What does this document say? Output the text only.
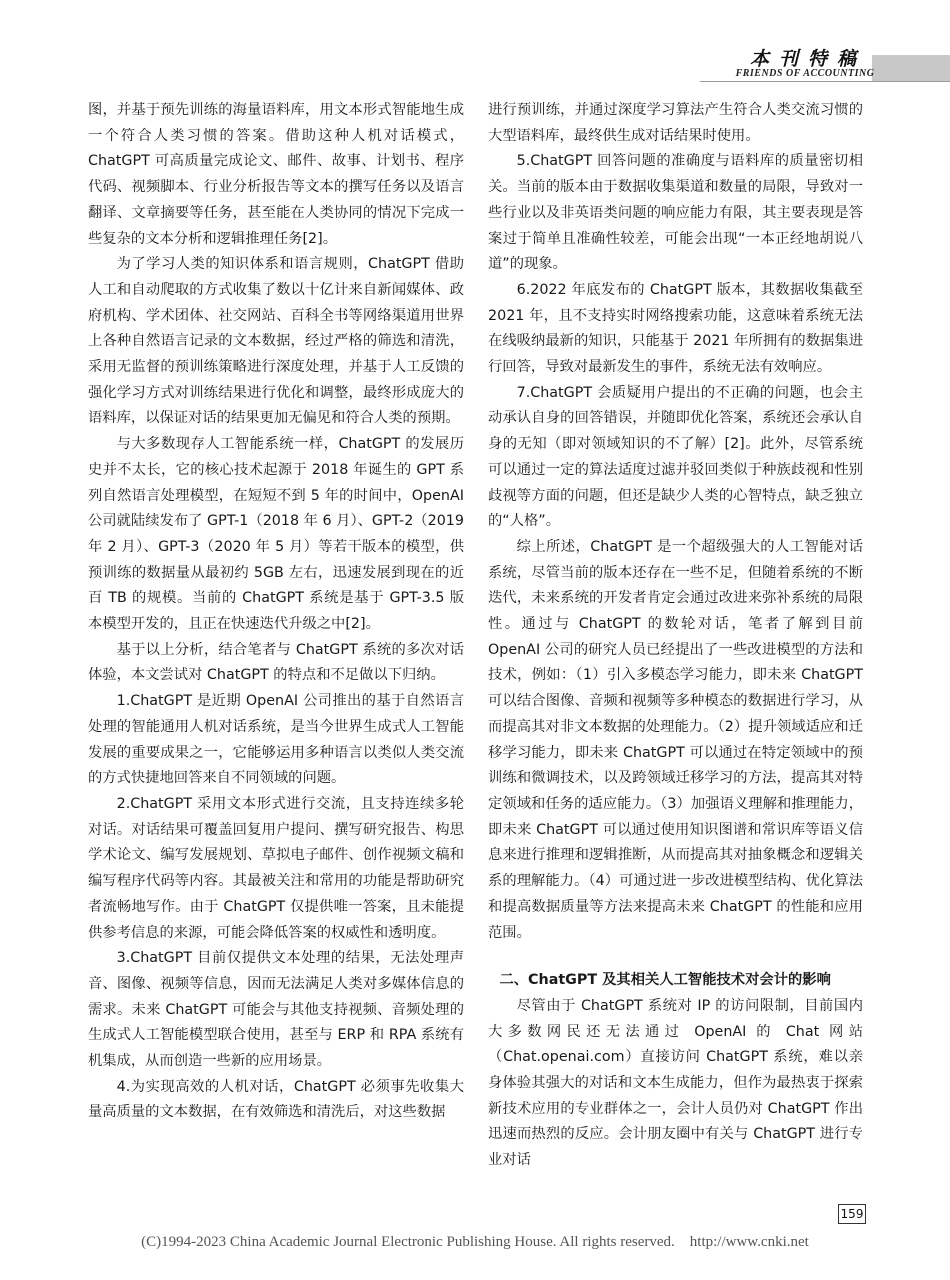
本刊特稿
FRIENDS OF ACCOUNTING

图，并基于预先训练的海量语料库，用文本形式智能地生成一个符合人类习惯的答案。借助这种人机对话模式，ChatGPT 可高质量完成论文、邮件、故事、计划书、程序代码、视频脚本、行业分析报告等文本的撰写任务以及语言翻译、文章摘要等任务，甚至能在人类协同的情况下完成一些复杂的文本分析和逻辑推理任务[2]。

为了学习人类的知识体系和语言规则，ChatGPT 借助人工和自动爬取的方式收集了数以十亿计来自新闻媒体、政府机构、学术团体、社交网站、百科全书等网络渠道用世界上各种自然语言记录的文本数据，经过严格的筛选和清洗，采用无监督的预训练策略进行深度处理，并基于人工反馈的强化学习方式对训练结果进行优化和调整，最终形成庞大的语料库，以保证对话的结果更加无偏见和符合人类的预期。

与大多数现存人工智能系统一样，ChatGPT 的发展历史并不太长，它的核心技术起源于 2018 年诞生的 GPT 系列自然语言处理模型，在短短不到 5 年的时间中，OpenAI 公司就陆续发布了 GPT-1（2018 年 6 月）、GPT-2（2019 年 2 月）、GPT-3（2020 年 5 月）等若干版本的模型，供预训练的数据量从最初约 5GB 左右，迅速发展到现在的近百 TB 的规模。当前的 ChatGPT 系统是基于 GPT-3.5 版本模型开发的，且正在快速迭代升级之中[2]。

基于以上分析，结合笔者与 ChatGPT 系统的多次对话体验，本文尝试对 ChatGPT 的特点和不足做以下归纳。

1.ChatGPT 是近期 OpenAI 公司推出的基于自然语言处理的智能通用人机对话系统，是当今世界生成式人工智能发展的重要成果之一，它能够运用多种语言以类似人类交流的方式快捷地回答来自不同领域的问题。

2.ChatGPT 采用文本形式进行交流，且支持连续多轮对话。对话结果可覆盖回复用户提问、撰写研究报告、构思学术论文、编写发展规划、草拟电子邮件、创作视频文稿和编写程序代码等内容。其最被关注和常用的功能是帮助研究者流畅地写作。由于 ChatGPT 仅提供唯一答案，且未能提供参考信息的来源，可能会降低答案的权威性和透明度。

3.ChatGPT 目前仅提供文本处理的结果，无法处理声音、图像、视频等信息，因而无法满足人类对多媒体信息的需求。未来 ChatGPT 可能会与其他支持视频、音频处理的生成式人工智能模型联合使用，甚至与 ERP 和 RPA 系统有机集成，从而创造一些新的应用场景。

4.为实现高效的人机对话，ChatGPT 必须事先收集大量高质量的文本数据，在有效筛选和清洗后，对这些数据

进行预训练，并通过深度学习算法产生符合人类交流习惯的大型语料库，最终供生成对话结果时使用。

5.ChatGPT 回答问题的准确度与语料库的质量密切相关。当前的版本由于数据收集渠道和数量的局限，导致对一些行业以及非英语类问题的响应能力有限，其主要表现是答案过于简单且准确性较差，可能会出现“一本正经地胡说八道”的现象。

6.2022 年底发布的 ChatGPT 版本，其数据收集截至 2021 年，且不支持实时网络搜索功能，这意味着系统无法在线吸纳最新的知识，只能基于 2021 年所拥有的数据集进行回答，导致对最新发生的事件，系统无法有效响应。

7.ChatGPT 会质疑用户提出的不正确的问题，也会主动承认自身的回答错误，并随即优化答案，系统还会承认自身的无知（即对领域知识的不了解）[2]。此外，尽管系统可以通过一定的算法适度过滤并驳回类似于种族歧视和性别歧视等方面的问题，但还是缺少人类的心智特点，缺乏独立的“人格”。

综上所述，ChatGPT 是一个超级强大的人工智能对话系统，尽管当前的版本还存在一些不足，但随着系统的不断迭代，未来系统的开发者肯定会通过改进来弥补系统的局限性。通过与 ChatGPT 的数轮对话，笔者了解到目前 OpenAI 公司的研究人员已经提出了一些改进模型的方法和技术，例如：（1）引入多模态学习能力，即未来 ChatGPT 可以结合图像、音频和视频等多种模态的数据进行学习，从而提高其对非文本数据的处理能力。（2）提升领域适应和迁移学习能力，即未来 ChatGPT 可以通过在特定领域中的预训练和微调技术，以及跨领域迁移学习的方法，提高其对特定领域和任务的适应能力。（3）加强语义理解和推理能力，即未来 ChatGPT 可以通过使用知识图谱和常识库等语义信息来进行推理和逻辑推断，从而提高其对抽象概念和逻辑关系的理解能力。（4）可通过进一步改进模型结构、优化算法和提高数据质量等方法来提高未来 ChatGPT 的性能和应用范围。

二、ChatGPT 及其相关人工智能技术对会计的影响

尽管由于 ChatGPT 系统对 IP 的访问限制，目前国内大多数网民还无法通过 OpenAI 的 Chat 网站（Chat.openai.com）直接访问 ChatGPT 系统，难以亲身体验其强大的对话和文本生成能力，但作为最热衷于探索新技术应用的专业群体之一，会计人员仍对 ChatGPT 作出迅速而热烈的反应。会计朋友圈中有关与 ChatGPT 进行专业对话

159
(C)1994-2023 China Academic Journal Electronic Publishing House. All rights reserved.    http://www.cnki.net
